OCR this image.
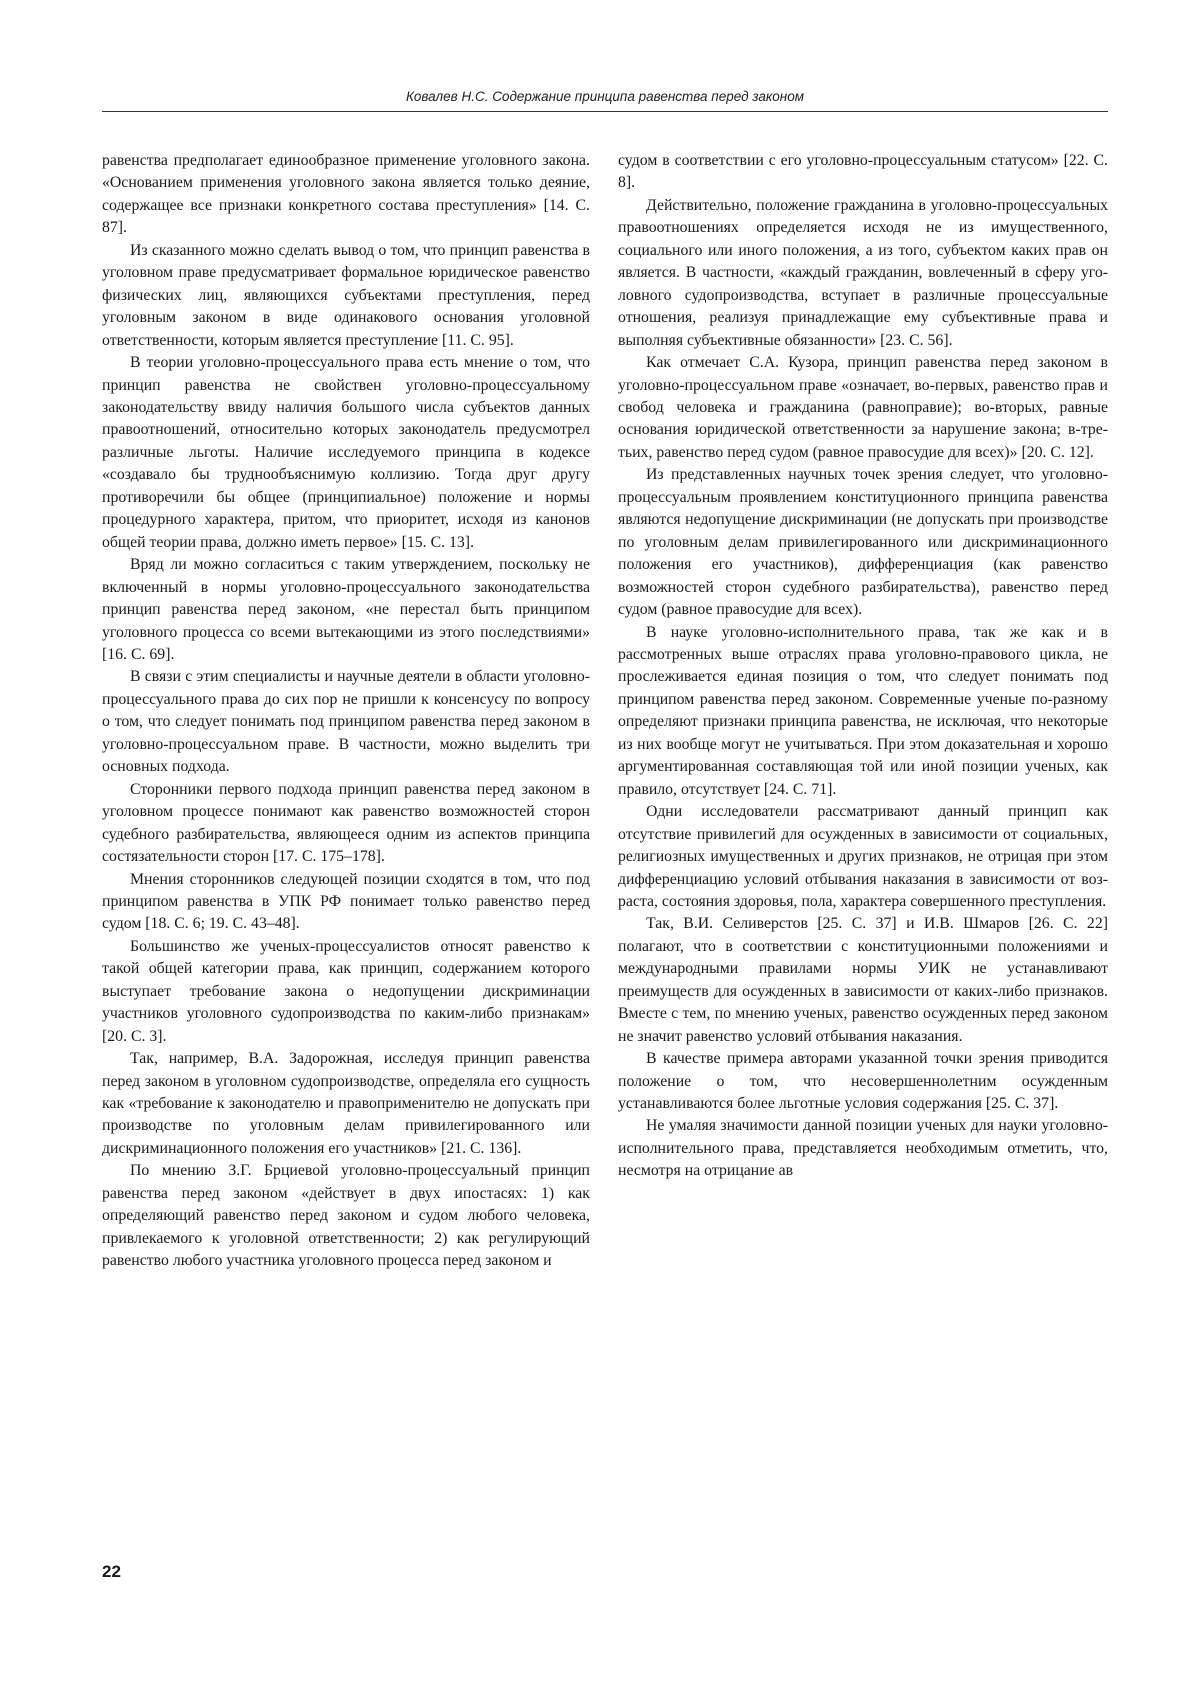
Ковалев Н.С. Содержание принципа равенства перед законом

равенства предполагает единообразное применение уголовного закона. «Основанием применения уголовного закона является только деяние, содержащее все признаки конкретного состава преступления» [14. С. 87].

Из сказанного можно сделать вывод о том, что принцип равенства в уголовном праве предусматривает формальное юридическое равенство физических лиц, являющихся субъектами преступления, перед уголовным законом в виде одинакового основания уголовной ответственности, которым является преступление [11. С. 95].

В теории уголовно-процессуального права есть мнение о том, что принцип равенства не свойствен уголовно-процессуальному законодательству ввиду наличия большого числа субъектов данных правоотношений, относительно которых законодатель предусмотрел различные льготы. Наличие исследуемого принципа в кодексе «создавало бы труднообъяснимую коллизию. Тогда друг другу противоречили бы общее (принципиальное) положение и нормы процедурного характера, притом, что приоритет, исходя из канонов общей теории права, должно иметь первое» [15. С. 13].

Вряд ли можно согласиться с таким утверждением, поскольку не включенный в нормы уголовно-процессуального законодательства принцип равенства перед законом, «не перестал быть принципом уголовного процесса со всеми вытекающими из этого последствиями» [16. С. 69].

В связи с этим специалисты и научные деятели в области уголовно-процессуального права до сих пор не пришли к консенсусу по вопросу о том, что следует понимать под принципом равенства перед законом в уголовно-процессуальном праве. В частности, можно выделить три основных подхода.

Сторонники первого подхода принцип равенства перед законом в уголовном процессе понимают как равенство возможностей сторон судебного разбирательства, являющееся одним из аспектов принципа состязательности сторон [17. С. 175–178].

Мнения сторонников следующей позиции сходятся в том, что под принципом равенства в УПК РФ понимает только равенство перед судом [18. С. 6; 19. С. 43–48].

Большинство же ученых-процессуалистов относят равенство к такой общей категории права, как принцип, содержанием которого выступает требование закона о недопущении дискриминации участников уголовного судопроизводства по каким-либо признакам» [20. С. 3].

Так, например, В.А. Задорожная, исследуя принцип равенства перед законом в уголовном судопроизводстве, определяла его сущность как «требование к законодателю и правоприменителю не допускать при производстве по уголовным делам привилегированного или дискриминационного положения его участников» [21. С. 136].

По мнению З.Г. Брциевой уголовно-процессуальный принцип равенства перед законом «действует в двух ипостасях: 1) как определяющий равенство перед законом и судом любого человека, привлекаемого к уголовной ответственности; 2) как регулирующий равенство любого участника уголовного процесса перед законом и

судом в соответствии с его уголовно-процессуальным статусом» [22. С. 8].

Действительно, положение гражданина в уголовно-процессуальных правоотношениях определяется исходя не из имущественного, социального или иного положения, а из того, субъектом каких прав он является. В частности, «каждый гражданин, вовлеченный в сферу уголовного судопроизводства, вступает в различные процессуальные отношения, реализуя принадлежащие ему субъективные права и выполняя субъективные обязанности» [23. С. 56].

Как отмечает С.А. Кузора, принцип равенства перед законом в уголовно-процессуальном праве «означает, во-первых, равенство прав и свобод человека и гражданина (равноправие); во-вторых, равные основания юридической ответственности за нарушение закона; в-третьих, равенство перед судом (равное правосудие для всех)» [20. С. 12].

Из представленных научных точек зрения следует, что уголовно-процессуальным проявлением конституционного принципа равенства являются недопущение дискриминации (не допускать при производстве по уголовным делам привилегированного или дискриминационного положения его участников), дифференциация (как равенство возможностей сторон судебного разбирательства), равенство перед судом (равное правосудие для всех).

В науке уголовно-исполнительного права, так же как и в рассмотренных выше отраслях права уголовно-правового цикла, не прослеживается единая позиция о том, что следует понимать под принципом равенства перед законом. Современные ученые по-разному определяют признаки принципа равенства, не исключая, что некоторые из них вообще могут не учитываться. При этом доказательная и хорошо аргументированная составляющая той или иной позиции ученых, как правило, отсутствует [24. С. 71].

Одни исследователи рассматривают данный принцип как отсутствие привилегий для осужденных в зависимости от социальных, религиозных имущественных и других признаков, не отрицая при этом дифференциацию условий отбывания наказания в зависимости от возраста, состояния здоровья, пола, характера совершенного преступления.

Так, В.И. Селиверстов [25. С. 37] и И.В. Шмаров [26. С. 22] полагают, что в соответствии с конституционными положениями и международными правилами нормы УИК не устанавливают преимуществ для осужденных в зависимости от каких-либо признаков. Вместе с тем, по мнению ученых, равенство осужденных перед законом не значит равенство условий отбывания наказания.

В качестве примера авторами указанной точки зрения приводится положение о том, что несовершеннолетним осужденным устанавливаются более льготные условия содержания [25. С. 37].

Не умаляя значимости данной позиции ученых для науки уголовно-исполнительного права, представляется необходимым отметить, что, несмотря на отрицание ав

22
